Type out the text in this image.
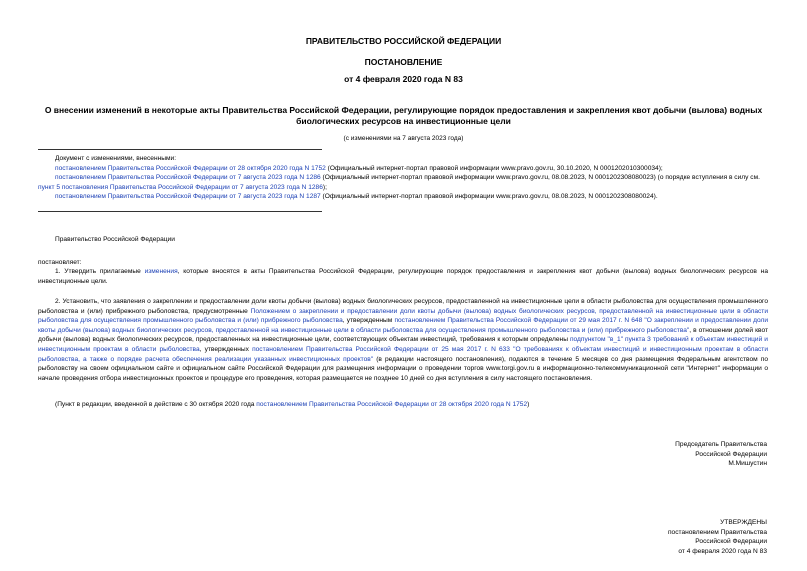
ПРАВИТЕЛЬСТВО РОССИЙСКОЙ ФЕДЕРАЦИИ
ПОСТАНОВЛЕНИЕ
от 4 февраля 2020 года N 83
О внесении изменений в некоторые акты Правительства Российской Федерации, регулирующие порядок предоставления и закрепления квот добычи (вылова) водных биологических ресурсов на инвестиционные цели
(с изменениями на 7 августа 2023 года)
Документ с изменениями, внесенными:
постановлением Правительства Российской Федерации от 28 октября 2020 года N 1752 (Официальный интернет-портал правовой информации www.pravo.gov.ru, 30.10.2020, N 0001202010300034);
постановлением Правительства Российской Федерации от 7 августа 2023 года N 1286 (Официальный интернет-портал правовой информации www.pravo.gov.ru, 08.08.2023, N 0001202308080023) (о порядке вступления в силу см. пункт 5 постановления Правительства Российской Федерации от 7 августа 2023 года N 1286);
постановлением Правительства Российской Федерации от 7 августа 2023 года N 1287 (Официальный интернет-портал правовой информации www.pravo.gov.ru, 08.08.2023, N 0001202308080024).
Правительство Российской Федерации
постановляет:
1. Утвердить прилагаемые изменения, которые вносятся в акты Правительства Российской Федерации, регулирующие порядок предоставления и закрепления квот добычи (вылова) водных биологических ресурсов на инвестиционные цели.
2. Установить, что заявления о закреплении и предоставлении доли квоты добычи (вылова) водных биологических ресурсов, предоставленной на инвестиционные цели в области рыболовства для осуществления промышленного рыболовства и (или) прибрежного рыболовства, предусмотренные Положением о закреплении и предоставлении доли квоты добычи (вылова) водных биологических ресурсов, предоставленной на инвестиционные цели в области рыболовства для осуществления промышленного рыболовства и (или) прибрежного рыболовства, утвержденным постановлением Правительства Российской Федерации от 29 мая 2017 г. N 648 "О закреплении и предоставлении доли квоты добычи (вылова) водных биологических ресурсов, предоставленной на инвестиционные цели в области рыболовства для осуществления промышленного рыболовства и (или) прибрежного рыболовства", в отношении долей квот добычи (вылова) водных биологических ресурсов, предоставленных на инвестиционные цели, соответствующих объектам инвестиций, требования к которым определены подпунктом "в_1" пункта 3 требований к объектам инвестиций и инвестиционным проектам в области рыболовства, утвержденных постановлением Правительства Российской Федерации от 25 мая 2017 г. N 633 "О требованиях к объектам инвестиций и инвестиционным проектам в области рыболовства, а также о порядке расчета обеспечения реализации указанных инвестиционных проектов" (в редакции настоящего постановления), подаются в течение 5 месяцев со дня размещения Федеральным агентством по рыболовству на своем официальном сайте и официальном сайте Российской Федерации для размещения информации о проведении торгов www.torgi.gov.ru в информационно-телекоммуникационной сети "Интернет" информации о начале проведения отбора инвестиционных проектов и процедуре его проведения, которая размещается не позднее 10 дней со дня вступления в силу настоящего постановления.
(Пункт в редакции, введенной в действие с 30 октября 2020 года постановлением Правительства Российской Федерации от 28 октября 2020 года N 1752)
Председатель Правительства
Российской Федерации
М.Мишустин
УТВЕРЖДЕНЫ
постановлением Правительства
Российской Федерации
от 4 февраля 2020 года N 83
